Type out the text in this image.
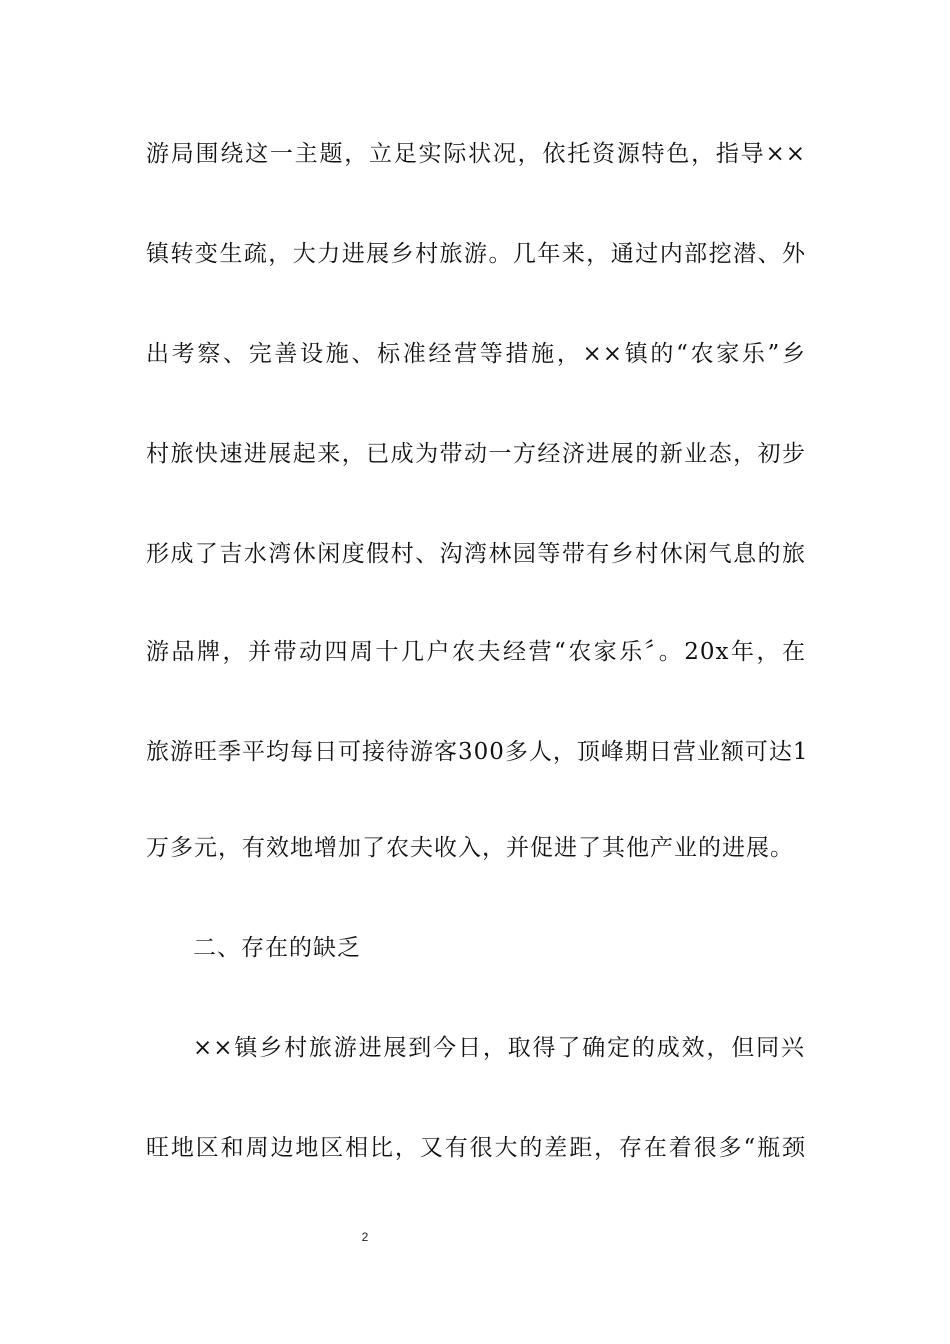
游局围绕这一主题，立足实际状况，依托资源特色，指导××
镇转变生疏，大力进展乡村旅游。几年来，通过内部挖潜、外
出考察、完善设施、标准经营等措施，××镇的“农家乐”乡
村旅快速进展起来，已成为带动一方经济进展的新业态，初步
形成了吉水湾休闲度假村、沟湾林园等带有乡村休闲气息的旅
游品牌，并带动四周十几户农夫经营“农家乐〞。20x年，在
旅游旺季平均每日可接待游客300多人，顶峰期日营业额可达1
万多元，有效地增加了农夫收入，并促进了其他产业的进展。
二、存在的缺乏
××镇乡村旅游进展到今日，取得了确定的成效，但同兴
旺地区和周边地区相比，又有很大的差距，存在着很多“瓶颈
2
